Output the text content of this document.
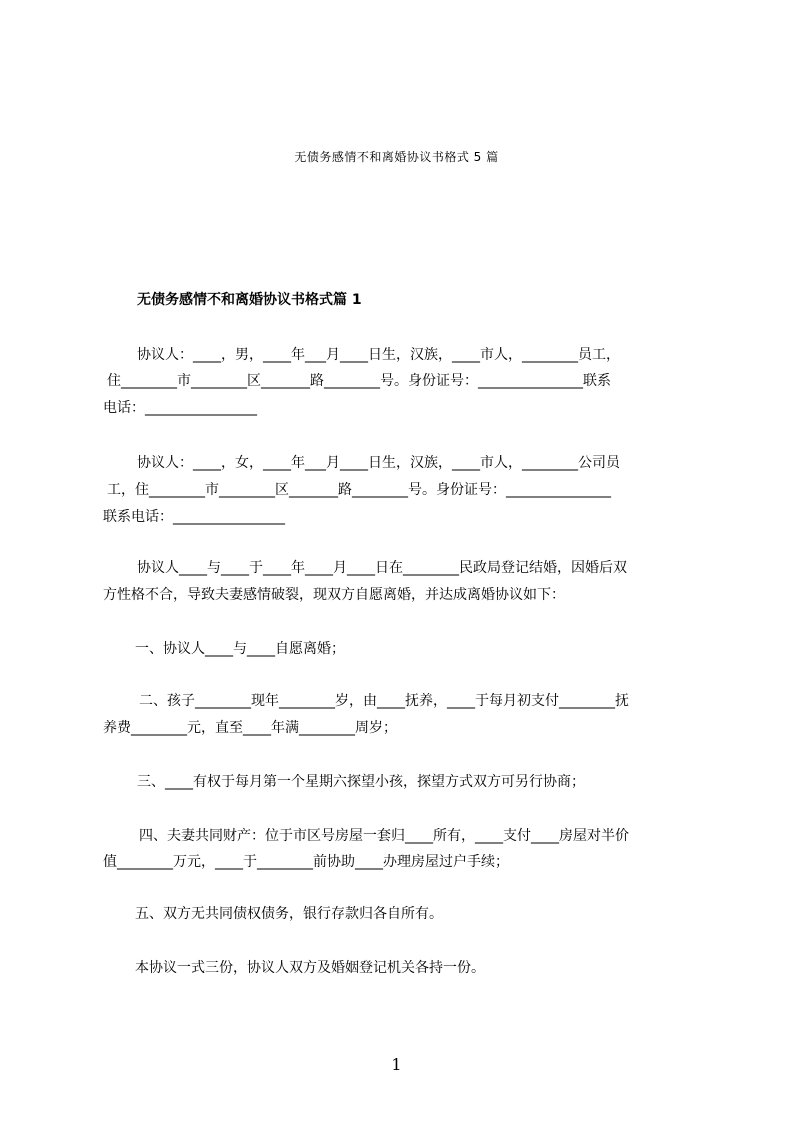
无债务感情不和离婚协议书格式 5 篇
无债务感情不和离婚协议书格式篇 1
协议人：____，男，____年___月____日生，汉族，____市人，________员工，
住________市________区_______路________号。身份证号：_______________联系
电话：________________
协议人：____，女，____年___月____日生，汉族，____市人，________公司员
工，住________市________区_______路________号。身份证号：_______________
联系电话：________________
协议人____与____于____年____月____日在________民政局登记结婚，因婚后双
方性格不合，导致夫妻感情破裂，现双方自愿离婚，并达成离婚协议如下：
一、协议人____与____自愿离婚；
二、孩子________现年________岁，由____抚养，____于每月初支付________抚
养费________元，直至____年满________周岁；
三、____有权于每月第一个星期六探望小孩，探望方式双方可另行协商；
四、夫妻共同财产：位于市区号房屋一套归____所有，____支付____房屋对半价
值________万元，____于________前协助____办理房屋过户手续；
五、双方无共同债权债务，银行存款归各自所有。
本协议一式三份，协议人双方及婚姻登记机关各持一份。
1
